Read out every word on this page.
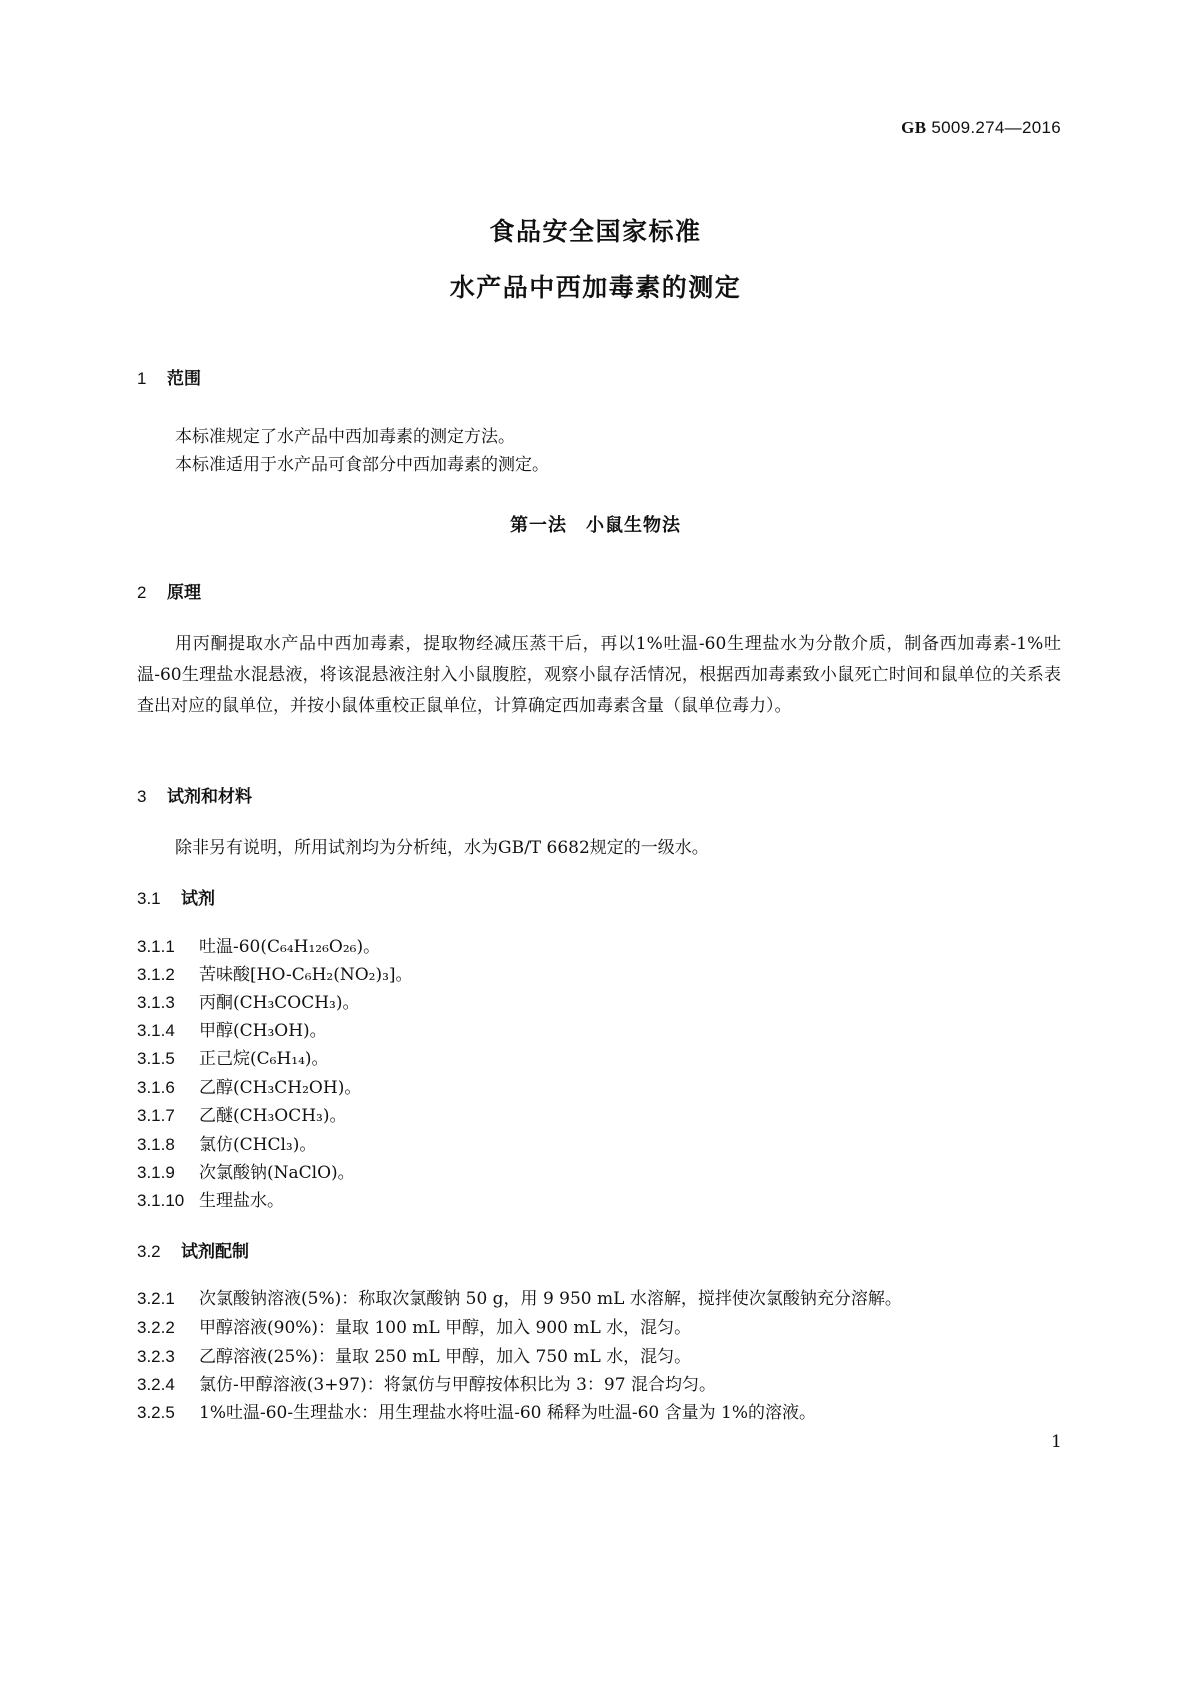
GB 5009.274—2016
食品安全国家标准
水产品中西加毒素的测定
1 范围
本标准规定了水产品中西加毒素的测定方法。
本标准适用于水产品可食部分中西加毒素的测定。
第一法　小鼠生物法
2 原理
用丙酮提取水产品中西加毒素，提取物经减压蒸干后，再以1%吐温-60生理盐水为分散介质，制备西加毒素-1%吐温-60生理盐水混悬液，将该混悬液注射入小鼠腹腔，观察小鼠存活情况，根据西加毒素致小鼠死亡时间和鼠单位的关系表查出对应的鼠单位，并按小鼠体重校正鼠单位，计算确定西加毒素含量（鼠单位毒力）。
3 试剂和材料
除非另有说明，所用试剂均为分析纯，水为GB/T 6682规定的一级水。
3.1 试剂
3.1.1 吐温-60(C₆₄H₁₂₆O₂₆)。
3.1.2 苦味酸[HO-C₆H₂(NO₂)₃]。
3.1.3 丙酮(CH₃COCH₃)。
3.1.4 甲醇(CH₃OH)。
3.1.5 正己烷(C₆H₁₄)。
3.1.6 乙醇(CH₃CH₂OH)。
3.1.7 乙醚(CH₃OCH₃)。
3.1.8 氯仿(CHCl₃)。
3.1.9 次氯酸钠(NaClO)。
3.1.10 生理盐水。
3.2 试剂配制
3.2.1 次氯酸钠溶液(5%)：称取次氯酸钠 50 g，用 9 950 mL 水溶解，搅拌使次氯酸钠充分溶解。
3.2.2 甲醇溶液(90%)：量取 100 mL 甲醇，加入 900 mL 水，混匀。
3.2.3 乙醇溶液(25%)：量取 250 mL 甲醇，加入 750 mL 水，混匀。
3.2.4 氯仿-甲醇溶液(3+97)：将氯仿与甲醇按体积比为 3：97 混合均匀。
3.2.5 1%吐温-60-生理盐水：用生理盐水将吐温-60 稀释为吐温-60 含量为 1%的溶液。
1
